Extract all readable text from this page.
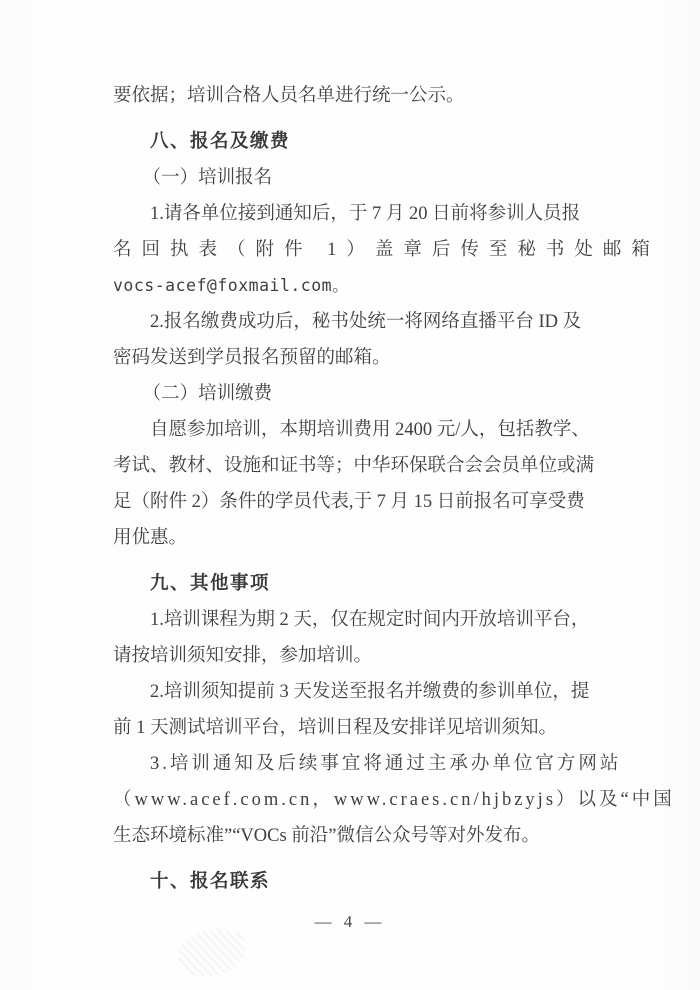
要依据；培训合格人员名单进行统一公示。
八、报名及缴费
（一）培训报名
1.请各单位接到通知后，于 7 月 20 日前将参训人员报
名回执表（附件 1）盖章后传至秘书处邮箱
vocs-acef@foxmail.com。
2.报名缴费成功后，秘书处统一将网络直播平台 ID 及
密码发送到学员报名预留的邮箱。
（二）培训缴费
自愿参加培训，本期培训费用 2400 元/人，包括教学、
考试、教材、设施和证书等；中华环保联合会会员单位或满
足（附件 2）条件的学员代表,于 7 月 15 日前报名可享受费
用优惠。
九、其他事项
1.培训课程为期 2 天，仅在规定时间内开放培训平台，
请按培训须知安排，参加培训。
2.培训须知提前 3 天发送至报名并缴费的参训单位，提
前 1 天测试培训平台，培训日程及安排详见培训须知。
3.培训通知及后续事宜将通过主承办单位官方网站
（www.acef.com.cn，www.craes.cn/hjbzyjs）以及“中国
生态环境标准”“VOCs 前沿”微信公众号等对外发布。
十、报名联系
— 4 —
